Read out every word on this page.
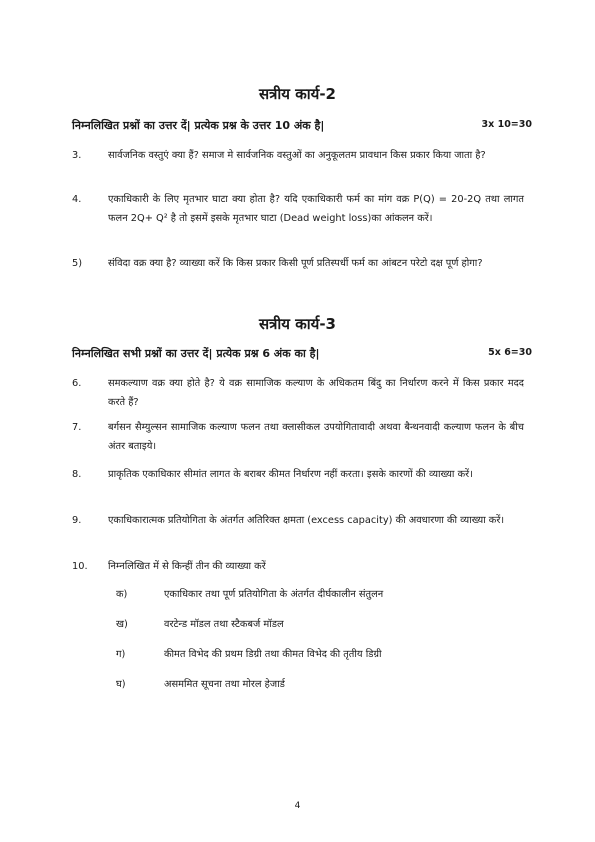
सत्रीय कार्य-2
निम्नलिखित प्रश्नों का उत्तर दें| प्रत्येक प्रश्न के उत्तर 10 अंक है|	3x 10=30
3.	सार्वजनिक वस्तुएं क्या हैं? समाज मे सार्वजनिक वस्तुओं का अनुकूलतम प्रावधान किस प्रकार किया जाता है?
4.	एकाधिकारी के लिए मृतभार घाटा क्या होता है? यदि एकाधिकारी फर्म का मांग वक्र P(Q) = 20-2Q तथा लागत फलन 2Q+ Q² है तो इसमें इसके मृतभार घाटा (Dead weight loss)का आंकलन करें।
5)	संविदा वक्र क्या है? व्याख्या करें कि किस प्रकार किसी पूर्ण प्रतिस्पर्धी फर्म का आंबटन परेटो दक्ष पूर्ण होगा?
सत्रीय कार्य-3
निम्नलिखित सभी प्रश्नों का उत्तर दें| प्रत्येक प्रश्न 6 अंक का है|	5x 6=30
6.	समकल्याण वक्र क्या होते है? ये वक्र सामाजिक कल्याण के अधिकतम बिंदु का निर्धारण करने में किस प्रकार मदद करते हैं?
7.	बर्गसन सैम्युल्सन सामाजिक कल्याण फलन तथा क्लासीकल उपयोगितावादी अथवा बैन्थनवादी कल्याण फलन के बीच अंतर बताइये।
8.	प्राकृतिक एकाधिकार सीमांत लागत के बराबर कीमत निर्धारण नहीं करता। इसके कारणों की व्याख्या करें।
9.	एकाधिकारात्मक प्रतियोगिता के अंतर्गत अतिरिक्त क्षमता (excess capacity) की अवधारणा की व्याख्या करें।
10.	निम्नलिखित में से किन्हीं तीन की व्याख्या करें
क)	एकाधिकार तथा पूर्ण प्रतियोगिता के अंतर्गत दीर्घकालीन संतुलन
ख)	वरटेन्ड मॉडल तथा स्टैकबर्ज मॉडल
ग)	कीमत विभेद की प्रथम डिग्री तथा कीमत विभेद की तृतीय डिग्री
घ)	असममित सूचना तथा मोरल हेजार्ड
4
